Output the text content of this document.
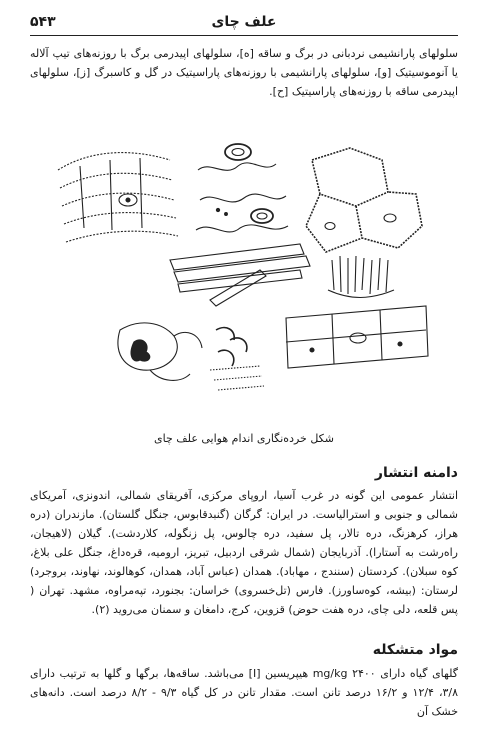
علف چای
۵۴۳
سلولهای پارانشیمی نردبانی در برگ و ساقه [ه]، سلولهای اپیدرمی برگ با روزنه‌های تیپ آلاله یا آنوموسیتیک [و]، سلولهای پارانشیمی با روزنه‌های پاراسیتیک در گل و کاسبرگ [ز]، سلولهای اپیدرمی ساقه با روزنه‌های پاراسیتیک [ح].
شکل خرده‌نگاری اندام هوایی علف چای
دامنه انتشار
انتشار عمومی این گونه در غرب آسیا، اروپای مرکزی، آفریقای شمالی، اندونزی، آمریکای شمالی و جنوبی و استرالیاست. در ایران: گرگان (گنبدقابوس، جنگل گلستان). مازندران (دره هراز، کرهزنگ، دره تالار، پل سفید، دره چالوس، پل زنگوله، کلاردشت). گیلان (لاهیجان، راه‌رشت به آستارا). آذربایجان (شمال شرقی اردبیل، تبریز، ارومیه، قره‌داغ، جنگل علی بلاغ، کوه سبلان). کردستان (سنندج ، مهاباد). همدان (عباس آباد، همدان، کوهالوند، نهاوند، بروجرد) لرستان: (بیشه، کوه‌ساورز). فارس (تل‌خسروی) خراسان: بجنورد، تپه‌مراوه، مشهد. تهران ( پس قلعه، دلی چای، دره هفت حوض) قزوین، کرج، دامغان و سمنان می‌روید (۲).
مواد متشکله
گلهای گیاه دارای ۲۴۰۰ mg/kg هیپریسین [I] می‌باشد. ساقه‌ها، برگها و گلها به ترتیب دارای ۳/۸، ۱۲/۴ و ۱۶/۲ درصد تانن است. مقدار تانن در کل گیاه ۹/۳ - ۸/۲ درصد است. دانه‌های خشک آن
